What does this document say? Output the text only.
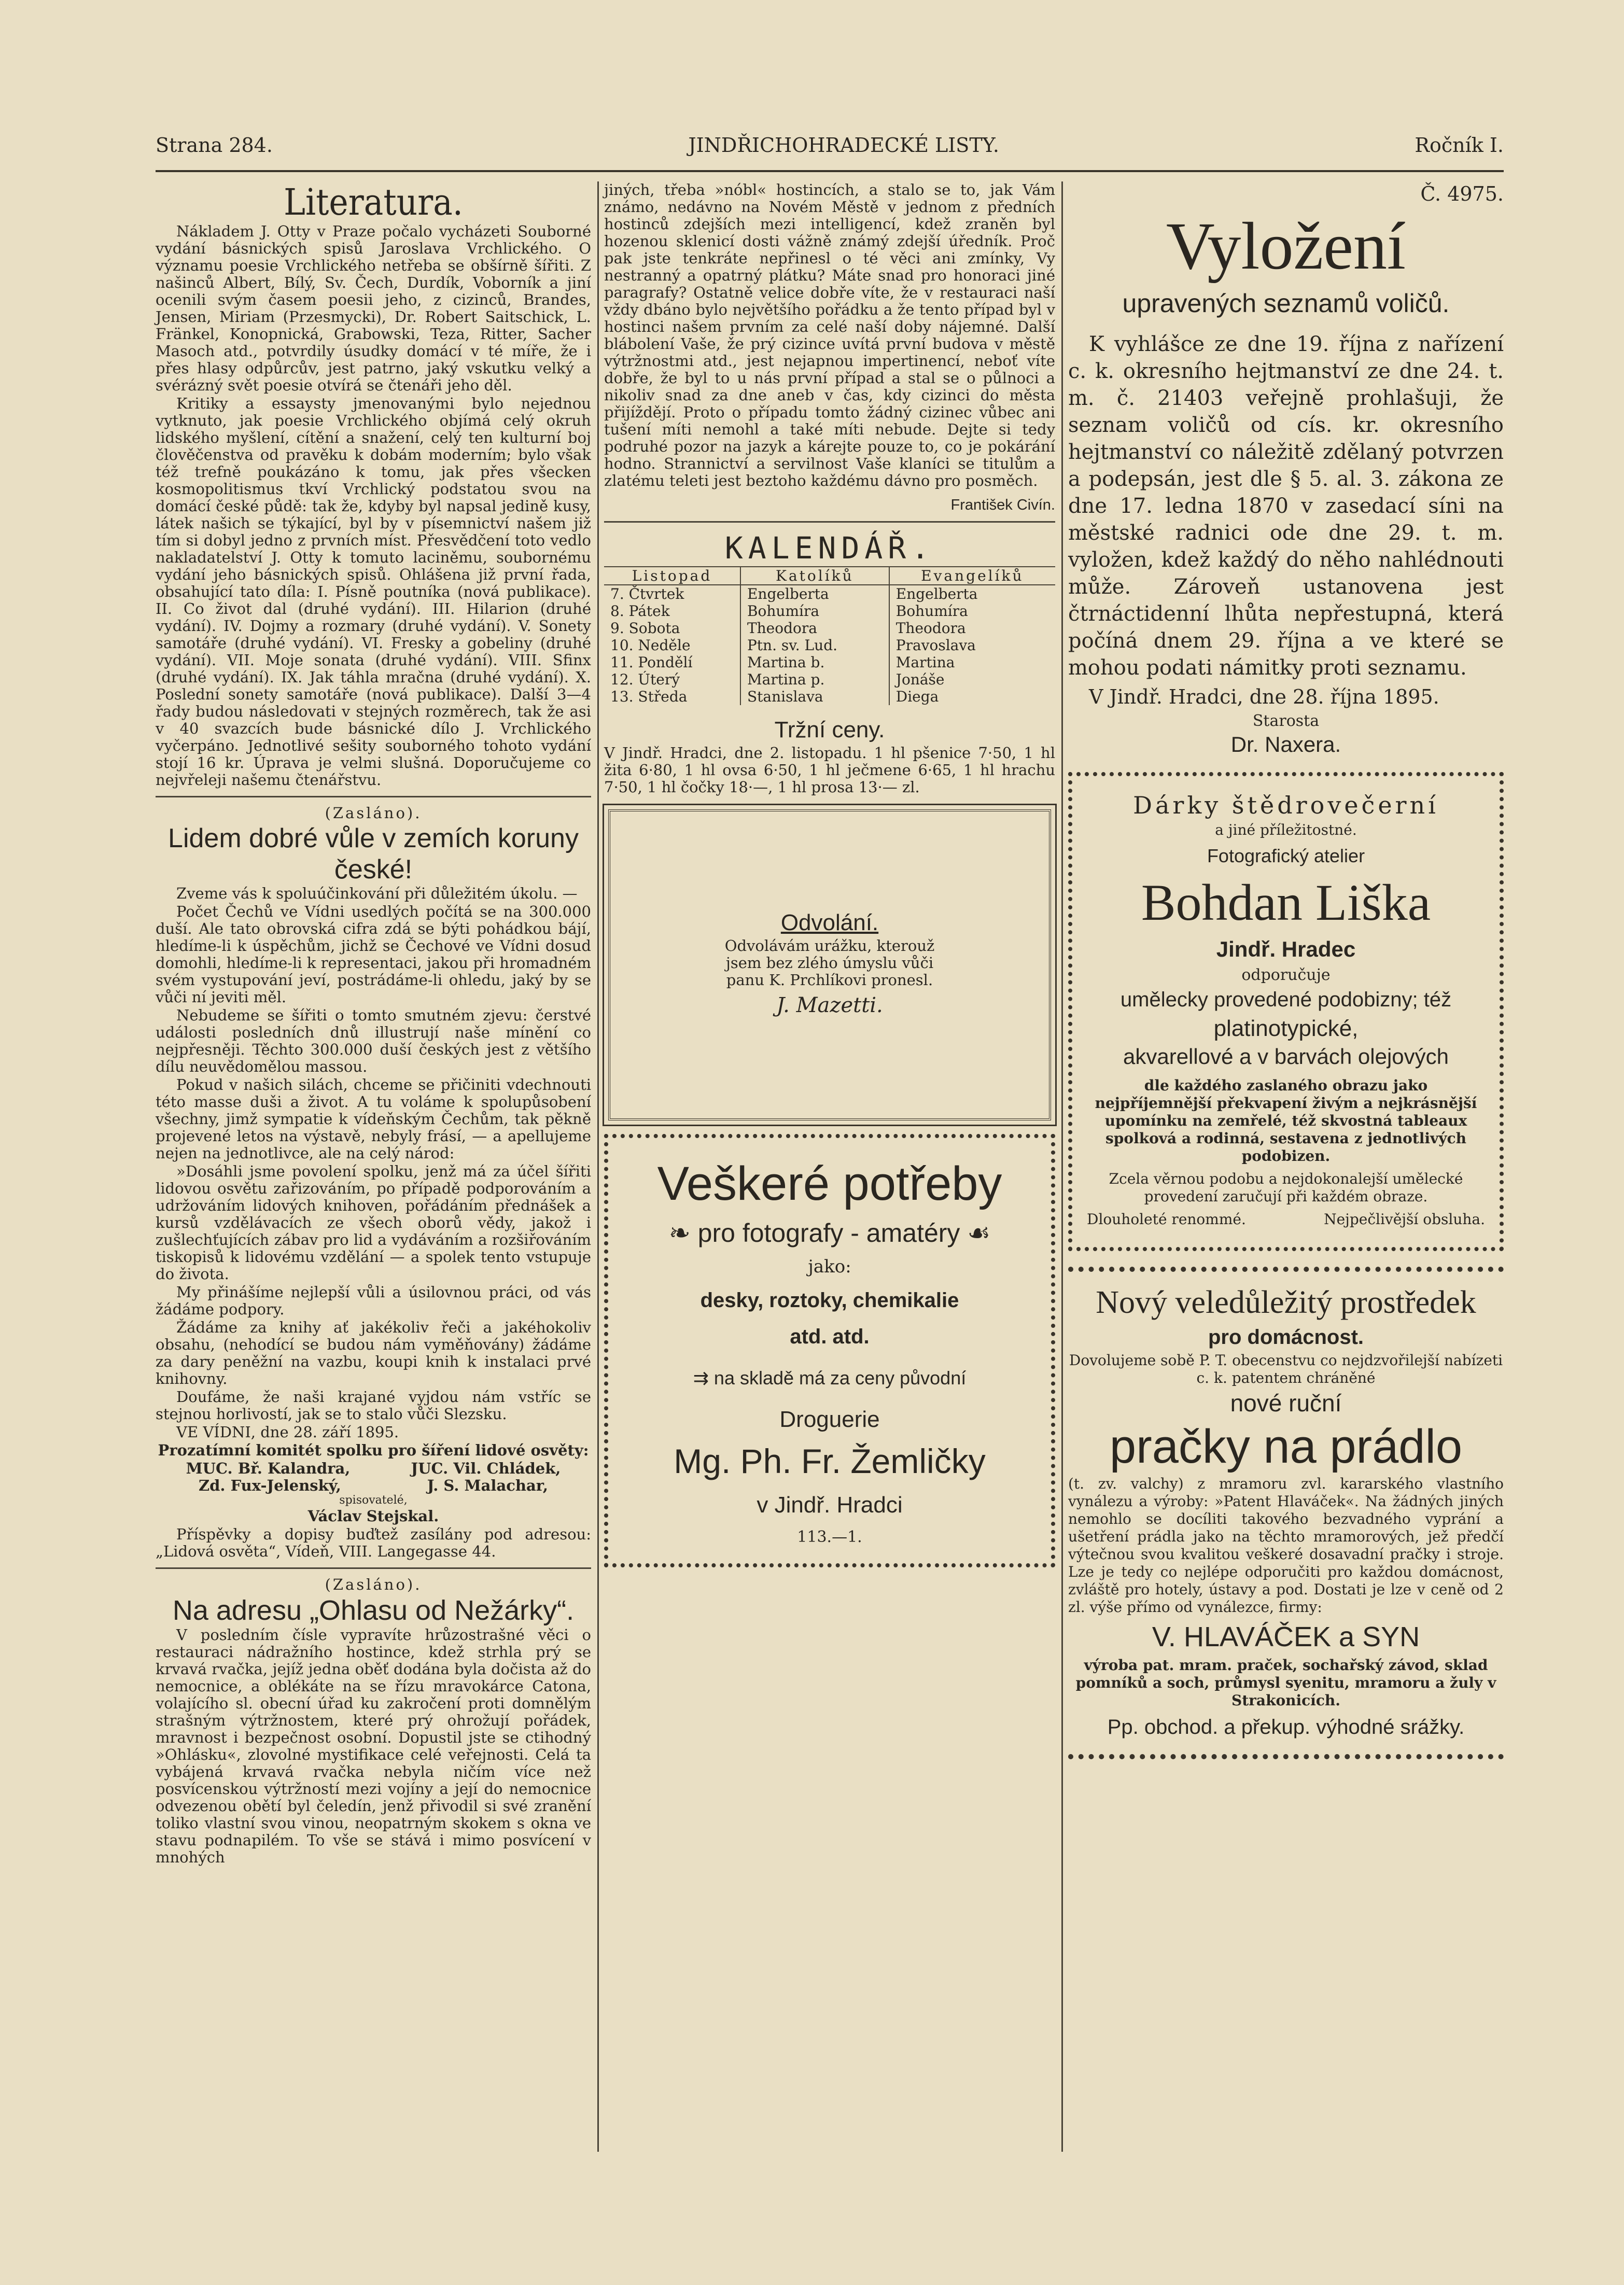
Strana 284.	JINDŘICHOHRADECKÉ LISTY.	Ročník I.
Literatura.

Nákladem J. Otty v Praze počalo vycházeti Souborné vydání básnických spisů Jaroslava Vrchlického. O významu poesie Vrchlického netřeba se obšírně šířiti. Z našinců Albert, Bílý, Sv. Čech, Durdík, Voborník a jiní ocenili svým časem poesii jeho, z cizinců, Brandes, Jensen, Miriam (Przesmycki), Dr. Robert Saitschick, L. Fränkel, Konopnická, Grabowski, Teza, Ritter, Sacher Masoch atd., potvrdily úsudky domácí v té míře, že i přes hlasy odpůrcův, jest patrno, jaký vskutku velký a svérázný svět poesie otvírá se čtenáři jeho děl.

Kritiky a essaysty jmenovanými bylo nejednou vytknuto, jak poesie Vrchlického objímá celý okruh lidského myšlení, cítění a snažení, celý ten kulturní boj člověčenstva od pravěku k dobám moderním; bylo však též trefně poukázáno k tomu, jak přes všecken kosmopolitismus tkví Vrchlický podstatou svou na domácí české půdě: tak že, kdyby byl napsal jedině kusy, látek našich se týkající, byl by v písemnictví našem již tím si dobyl jedno z prvních míst. Přesvědčení toto vedlo nakladatelství J. Otty k tomuto laciněmu, soubornému vydání jeho básnických spisů. Ohlášena již první řada, obsahující tato díla: I. Písně poutníka (nová publikace). II. Co život dal (druhé vydání). III. Hilarion (druhé vydání). IV. Dojmy a rozmary (druhé vydání). V. Sonety samotáře (druhé vydání). VI. Fresky a gobeliny (druhé vydání). VII. Moje sonata (druhé vydání). VIII. Sfinx (druhé vydání). IX. Jak táhla mračna (druhé vydání). X. Poslední sonety samotáře (nová publikace). Další 3—4 řady budou následovati v stejných rozměrech, tak že asi v 40 svazcích bude básnické dílo J. Vrchlického vyčerpáno. Jednotlivé sešity souborného tohoto vydání stojí 16 kr. Úprava je velmi slušná. Doporučujeme co nejvřeleji našemu čtenářstvu.

(Zasláno).

Lidem dobré vůle v zemích koruny české!

Zveme vás k spoluúčinkování při důležitém úkolu. —

Počet Čechů ve Vídni usedlých počítá se na 300.000 duší. Ale tato obrovská cifra zdá se býti pohádkou bájí, hledíme-li k úspěchům, jichž se Čechové ve Vídni dosud domohli, hledíme-li k representaci, jakou při hromadném svém vystupování jeví, postrádáme-li ohledu, jaký by se vůči ní jeviti měl.

Nebudeme se šířiti o tomto smutném zjevu: čerstvé události posledních dnů illustrují naše mínění co nejpřesněji. Těchto 300.000 duší českých jest z většího dílu neuvědomělou massou.

Pokud v našich silách, chceme se přičiniti vdechnouti této masse duši a život. A tu voláme k spolupůsobení všechny, jimž sympatie k vídeňským Čechům, tak pěkně projevené letos na výstavě, nebyly frásí, — a apellujeme nejen na jednotlivce, ale na celý národ:

»Dosáhli jsme povolení spolku, jenž má za účel šířiti lidovou osvětu zařizováním, po případě podporováním a udržováním lidových knihoven, pořádáním přednášek a kursů vzdělávacích ze všech oborů vědy, jakož i zušlechťujících zábav pro lid a vydáváním a rozšiřováním tiskopisů k lidovému vzdělání — a spolek tento vstupuje do života.

My přinášíme nejlepší vůli a úsilovnou práci, od vás žádáme podpory.

Žádáme za knihy ať jakékoliv řeči a jakéhokoliv obsahu, (nehodící se budou nám vyměňovány) žádáme za dary peněžní na vazbu, koupi knih k instalaci prvé knihovny.

Doufáme, že naši krajané vyjdou nám vstříc se stejnou horlivostí, jak se to stalo vůči Slezsku.

VE VÍDNI, dne 28. září 1895.

Prozatímní komitét spolku pro šíření lidové osvěty:

MUC. Bř. Kalandra,	JUC. Vil. Chládek,
Zd. Fux-Jelenský,	J. S. Malachar,

spisovatelé,

Václav Stejskal.

Příspěvky a dopisy buďtež zasílány pod adresou: „Lidová osvěta“, Vídeň, VIII. Langegasse 44.

(Zasláno).

Na adresu „Ohlasu od Nežárky“.

V posledním čísle vypravíte hrůzostrašné věci o restauraci nádražního hostince, kdež strhla prý se krvavá rvačka, jejíž jedna oběť dodána byla dočista až do nemocnice, a oblékáte na se řízu mravokárce Catona, volajícího sl. obecní úřad ku zakročení proti domnělým strašným výtržnostem, které prý ohrožují pořádek, mravnost i bezpečnost osobní. Dopustil jste se ctihodný »Ohlásku«, zlovolné mystifikace celé veřejnosti. Celá ta vybájená krvavá rvačka nebyla ničím více než posvícenskou výtržností mezi vojíny a její do nemocnice odvezenou obětí byl čeledín, jenž přivodil si své zranění toliko vlastní svou vinou, neopatrným skokem s okna ve stavu podnapilém. To vše se stává i mimo posvícení v mnohých

jiných, třeba »nóbl« hostincích, a stalo se to, jak Vám známo, nedávno na Novém Městě v jednom z předních hostinců zdejších mezi intelligencí, kdež zraněn byl hozenou sklenicí dosti vážně známý zdejší úředník. Proč pak jste tenkráte nepřinesl o té věci ani zmínky, Vy nestranný a opatrný plátku? Máte snad pro honoraci jiné paragrafy? Ostatně velice dobře víte, že v restauraci naší vždy dbáno bylo největšího pořádku a že tento případ byl v hostinci našem prvním za celé naší doby nájemné. Další blábolení Vaše, že prý cizince uvítá první budova v městě výtržnostmi atd., jest nejapnou impertinencí, neboť víte dobře, že byl to u nás první případ a stal se o půlnoci a nikoliv snad za dne aneb v čas, kdy cizinci do města přijíždějí. Proto o případu tomto žádný cizinec vůbec ani tušení míti nemohl a také míti nebude. Dejte si tedy podruhé pozor na jazyk a kárejte pouze to, co je pokárání hodno. Strannictví a servilnost Vaše klaníci se titulům a zlatému teleti jest beztoho každému dávno pro posměch.

František Civín.

KALENDÁŘ.
Listopad	Katolíků	Evangelíků
7. Čtvrtek	Engelberta	Engelberta
8. Pátek	Bohumíra	Bohumíra
9. Sobota	Theodora	Theodora
10. Neděle	Ptn. sv. Lud.	Pravoslava
11. Pondělí	Martina b.	Martina
12. Úterý	Martina p.	Jonáše
13. Středa	Stanislava	Diega
Tržní ceny.

V Jindř. Hradci, dne 2. listopadu. 1 hl pšenice 7·50, 1 hl žita 6·80, 1 hl ovsa 6·50, 1 hl ječmene 6·65, 1 hl hrachu 7·50, 1 hl čočky 18·—, 1 hl prosa 13·— zl.

Odvolání.

Odvolávám urážku, kterouž jsem bez zlého úmyslu vůči panu K. Prchlíkovi pronesl.

J. Mazetti.

Veškeré potřeby
❧ pro fotografy - amatéry ☙
jako:
desky, roztoky, chemikalie
atd. atd.
⇉ na skladě má za ceny původní
Droguerie
Mg. Ph. Fr. Žemličky
v Jindř. Hradci
113.—1.

Č. 4975.

Vyložení
upravených seznamů voličů.

K vyhlášce ze dne 19. října z nařízení c. k. okresního hejtmanství ze dne 24. t. m. č. 21403 veřejně prohlašuji, že seznam voličů od cís. kr. okresního hejtmanství co náležitě zdělaný potvrzen a podepsán, jest dle § 5. al. 3. zákona ze dne 17. ledna 1870 v zasedací síni na městské radnici ode dne 29. t. m. vyložen, kdež každý do něho nahlédnouti může. Zároveň ustanovena jest čtrnáctidenní lhůta nepřestupná, která počíná dnem 29. října a ve které se mohou podati námitky proti seznamu.

V Jindř. Hradci, dne 28. října 1895.

Starosta

Dr. Naxera.

Dárky štědrovečerní
a jiné příležitostné.
Fotografický atelier
Bohdan Liška
Jindř. Hradec
odporučuje
umělecky provedené podobizny; též
platinotypické,
akvarellové a v barvách olejových

dle každého zaslaného obrazu jako nejpříjemnější překvapení živým a nejkrásnější upomínku na zemřelé, též skvostná tableaux spolková a rodinná, sestavena z jednotlivých podobizen.

Zcela věrnou podobu a nejdokonalejší umělecké provedení zaručují při každém obraze.

Dlouholeté renommé.	Nejpečlivější obsluha.
Nový veledůležitý prostředek
pro domácnost.

Dovolujeme sobě P. T. obecenstvu co nejdzvořilejší nabízeti c. k. patentem chráněné

nové ruční
pračky na prádlo

(t. zv. valchy) z mramoru zvl. kararského vlastního vynálezu a výroby: »Patent Hlaváček«. Na žádných jiných nemohlo se docíliti takového bezvadného vyprání a ušetření prádla jako na těchto mramorových, jež předčí výtečnou svou kvalitou veškeré dosavadní pračky i stroje. Lze je tedy co nejlépe odporučiti pro každou domácnost, zvláště pro hotely, ústavy a pod. Dostati je lze v ceně od 2 zl. výše přímo od vynálezce, firmy:

V. HLAVÁČEK a SYN

výroba pat. mram. praček, sochařský závod, sklad pomníků a soch, průmysl syenitu, mramoru a žuly v Strakonicích.

Pp. obchod. a překup. výhodné srážky.
